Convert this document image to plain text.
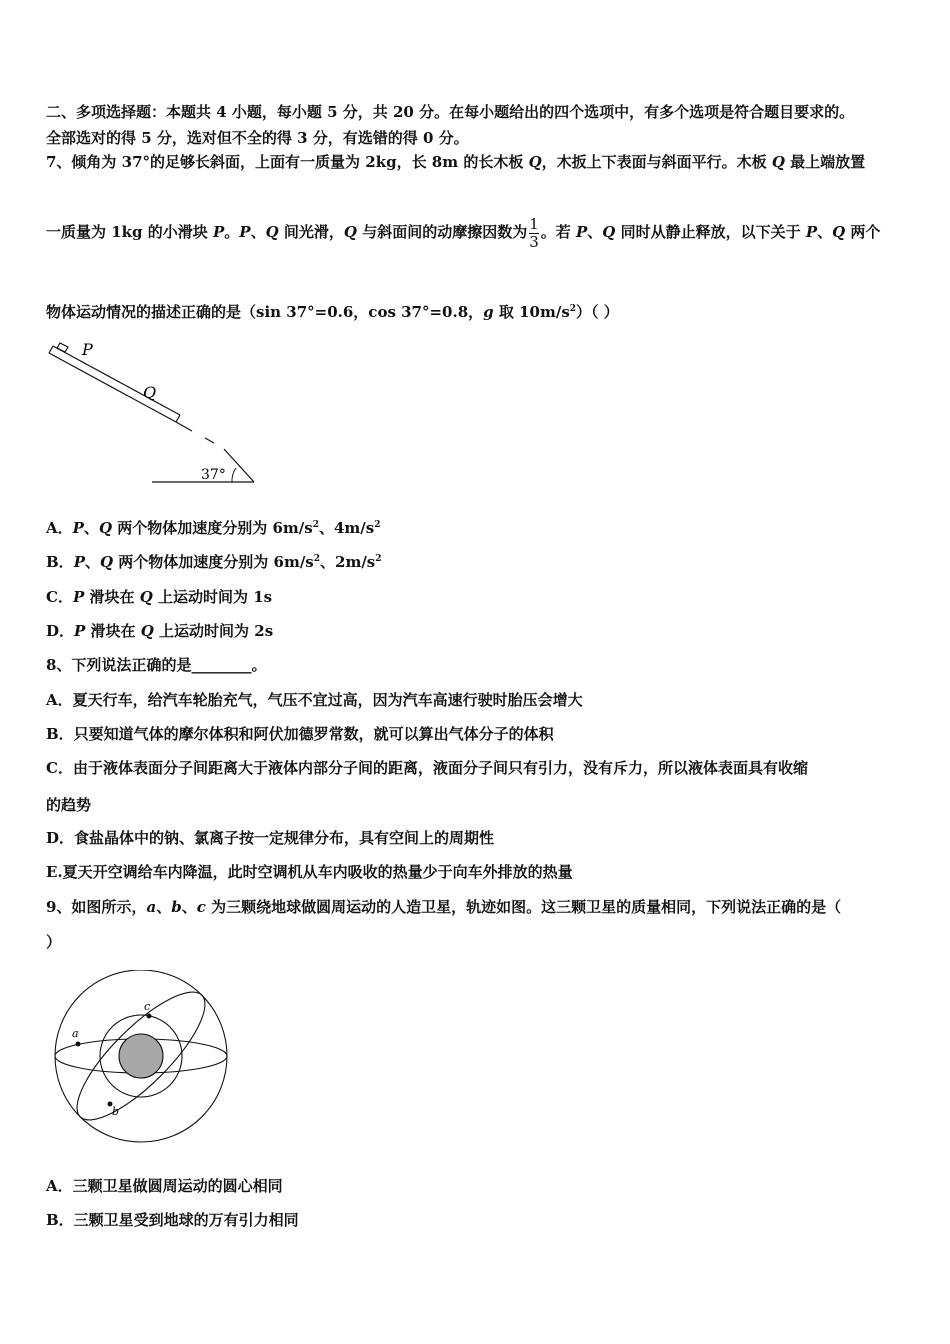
二、多项选择题：本题共 4 小题，每小题 5 分，共 20 分。在每小题给出的四个选项中，有多个选项是符合题目要求的。
全部选对的得 5 分，选对但不全的得 3 分，有选错的得 0 分。
7、倾角为 37°的足够长斜面，上面有一质量为 2kg，长 8m 的长木板 Q，木扳上下表面与斜面平行。木板 Q 最上端放置
一质量为 1kg 的小滑块 P。P、Q 间光滑，Q 与斜面间的动摩擦因数为 $\frac{1}{3}$ 。若 P、Q 同时从静止释放，以下关于 P、Q 两个
物体运动情况的描述正确的是（sin 37°=0.6，cos 37°=0.8，g 取 $10m/s^2$）（ ）
P
Q
37°
A．P、Q 两个物体加速度分别为 $6m/s^2$、$4m/s^2$
B．P、Q 两个物体加速度分别为 $6m/s^2$、$2m/s^2$
C．P 滑块在 Q 上运动时间为 1s
D．P 滑块在 Q 上运动时间为 2s
8、下列说法正确的是________。
A．夏天行车，给汽车轮胎充气，气压不宜过高，因为汽车高速行驶时胎压会增大
B．只要知道气体的摩尔体积和阿伏加德罗常数，就可以算出气体分子的体积
C．由于液体表面分子间距离大于液体内部分子间的距离，液面分子间只有引力，没有斥力，所以液体表面具有收缩
的趋势
D．食盐晶体中的钠、氯离子按一定规律分布，具有空间上的周期性
E.夏天开空调给车内降温，此时空调机从车内吸收的热量少于向车外排放的热量
9、如图所示，a、b、c 为三颗绕地球做圆周运动的人造卫星，轨迹如图。这三颗卫星的质量相同，下列说法正确的是（
）
a
c
b
A．三颗卫星做圆周运动的圆心相同
B．三颗卫星受到地球的万有引力相同
